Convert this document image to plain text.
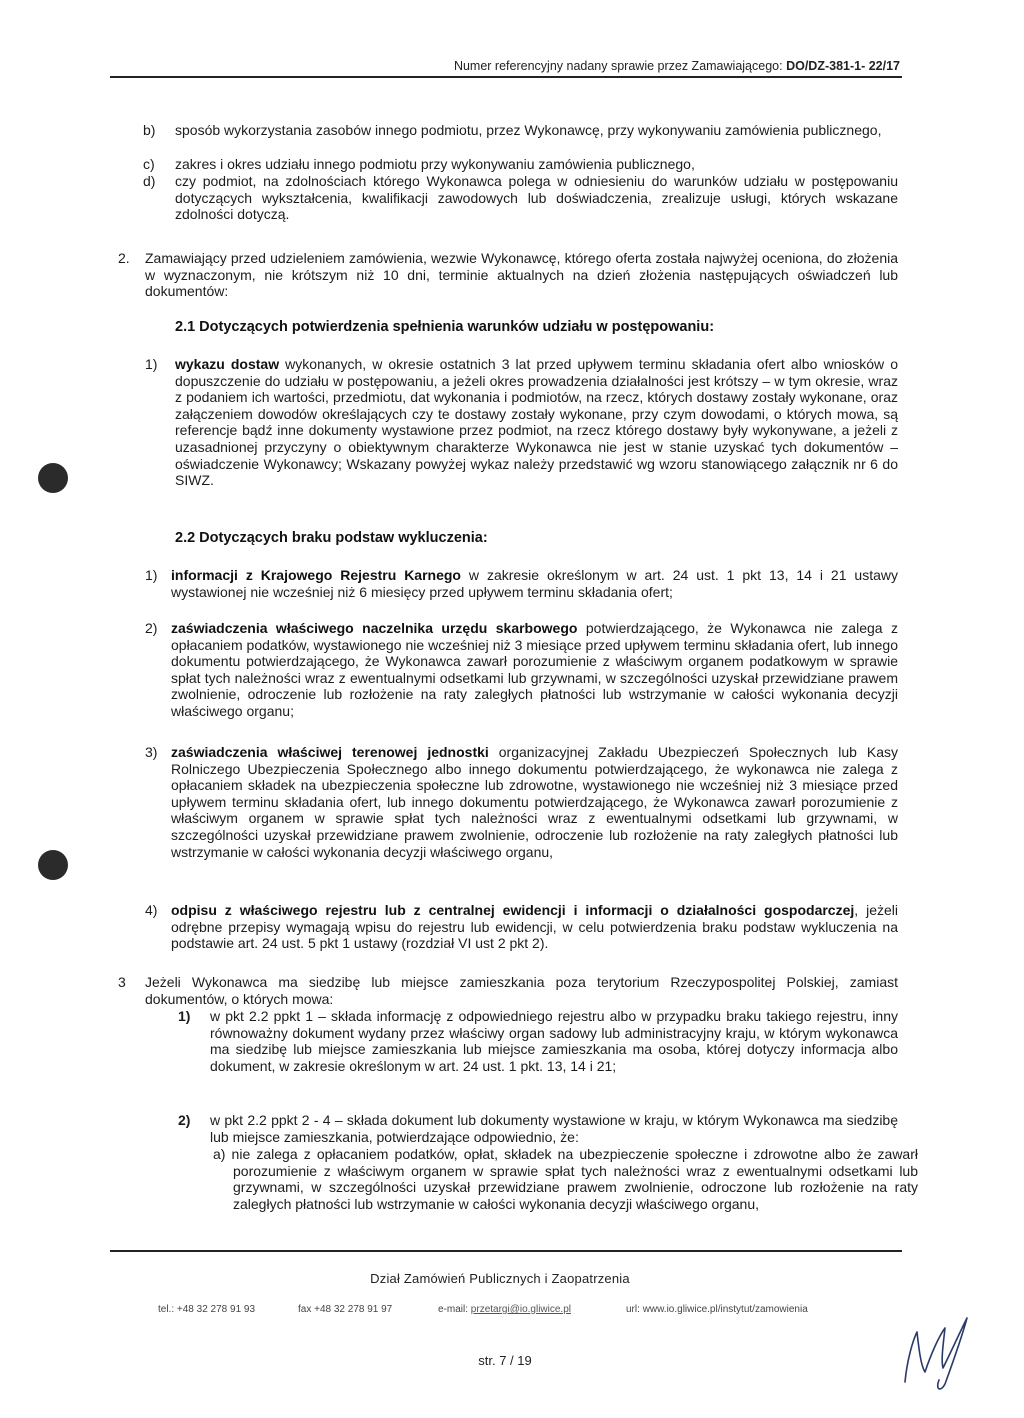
Numer referencyjny nadany sprawie przez Zamawiającego: DO/DZ-381-1- 22/17
b) sposób wykorzystania zasobów innego podmiotu, przez Wykonawcę, przy wykonywaniu zamówienia publicznego,
c) zakres i okres udziału innego podmiotu przy wykonywaniu zamówienia publicznego,
d) czy podmiot, na zdolnościach którego Wykonawca polega w odniesieniu do warunków udziału w postępowaniu dotyczących wykształcenia, kwalifikacji zawodowych lub doświadczenia, zrealizuje usługi, których wskazane zdolności dotyczą.
2. Zamawiający przed udzieleniem zamówienia, wezwie Wykonawcę, którego oferta została najwyżej oceniona, do złożenia w wyznaczonym, nie krótszym niż 10 dni, terminie aktualnych na dzień złożenia następujących oświadczeń lub dokumentów:
2.1 Dotyczących potwierdzenia spełnienia warunków udziału w postępowaniu:
1) wykazu dostaw wykonanych, w okresie ostatnich 3 lat przed upływem terminu składania ofert albo wniosków o dopuszczenie do udziału w postępowaniu, a jeżeli okres prowadzenia działalności jest krótszy – w tym okresie, wraz z podaniem ich wartości, przedmiotu, dat wykonania i podmiotów, na rzecz, których dostawy zostały wykonane, oraz załączeniem dowodów określających czy te dostawy zostały wykonane, przy czym dowodami, o których mowa, są referencje bądź inne dokumenty wystawione przez podmiot, na rzecz którego dostawy były wykonywane, a jeżeli z uzasadnionej przyczyny o obiektywnym charakterze Wykonawca nie jest w stanie uzyskać tych dokumentów – oświadczenie Wykonawcy; Wskazany powyżej wykaz należy przedstawić wg wzoru stanowiącego załącznik nr 6 do SIWZ.
2.2 Dotyczących braku podstaw wykluczenia:
1) informacji z Krajowego Rejestru Karnego w zakresie określonym w art. 24 ust. 1 pkt 13, 14 i 21 ustawy wystawionej nie wcześniej niż 6 miesięcy przed upływem terminu składania ofert;
2) zaświadczenia właściwego naczelnika urzędu skarbowego potwierdzającego, że Wykonawca nie zalega z opłacaniem podatków, wystawionego nie wcześniej niż 3 miesiące przed upływem terminu składania ofert, lub innego dokumentu potwierdzającego, że Wykonawca zawarł porozumienie z właściwym organem podatkowym w sprawie spłat tych należności wraz z ewentualnymi odsetkami lub grzywnami, w szczególności uzyskał przewidziane prawem zwolnienie, odroczenie lub rozłożenie na raty zaległych płatności lub wstrzymanie w całości wykonania decyzji właściwego organu;
3) zaświadczenia właściwej terenowej jednostki organizacyjnej Zakładu Ubezpieczeń Społecznych lub Kasy Rolniczego Ubezpieczenia Społecznego albo innego dokumentu potwierdzającego, że wykonawca nie zalega z opłacaniem składek na ubezpieczenia społeczne lub zdrowotne, wystawionego nie wcześniej niż 3 miesiące przed upływem terminu składania ofert, lub innego dokumentu potwierdzającego, że Wykonawca zawarł porozumienie z właściwym organem w sprawie spłat tych należności wraz z ewentualnymi odsetkami lub grzywnami, w szczególności uzyskał przewidziane prawem zwolnienie, odroczenie lub rozłożenie na raty zaległych płatności lub wstrzymanie w całości wykonania decyzji właściwego organu,
4) odpisu z właściwego rejestru lub z centralnej ewidencji i informacji o działalności gospodarczej, jeżeli odrębne przepisy wymagają wpisu do rejestru lub ewidencji, w celu potwierdzenia braku podstaw wykluczenia na podstawie art. 24 ust. 5 pkt 1 ustawy (rozdział VI ust 2 pkt 2).
3 Jeżeli Wykonawca ma siedzibę lub miejsce zamieszkania poza terytorium Rzeczypospolitej Polskiej, zamiast dokumentów, o których mowa:
1) w pkt 2.2 ppkt 1 – składa informację z odpowiedniego rejestru albo w przypadku braku takiego rejestru, inny równoważny dokument wydany przez właściwy organ sadowy lub administracyjny kraju, w którym wykonawca ma siedzibę lub miejsce zamieszkania lub miejsce zamieszkania ma osoba, której dotyczy informacja albo dokument, w zakresie określonym w art. 24 ust. 1 pkt. 13, 14 i 21;
2) w pkt 2.2 ppkt 2 - 4 – składa dokument lub dokumenty wystawione w kraju, w którym Wykonawca ma siedzibę lub miejsce zamieszkania, potwierdzające odpowiednio, że:
a) nie zalega z opłacaniem podatków, opłat, składek na ubezpieczenie społeczne i zdrowotne albo że zawarł porozumienie z właściwym organem w sprawie spłat tych należności wraz z ewentualnymi odsetkami lub grzywnami, w szczególności uzyskał przewidziane prawem zwolnienie, odroczone lub rozłożenie na raty zaległych płatności lub wstrzymanie w całości wykonania decyzji właściwego organu,
Dział Zamówień Publicznych i Zaopatrzenia
tel.: +48 32 278 91 93	fax +48 32 278 91 97	e-mail: przetargi@io.gliwice.pl	url: www.io.gliwice.pl/instytut/zamowienia
str. 7 / 19
